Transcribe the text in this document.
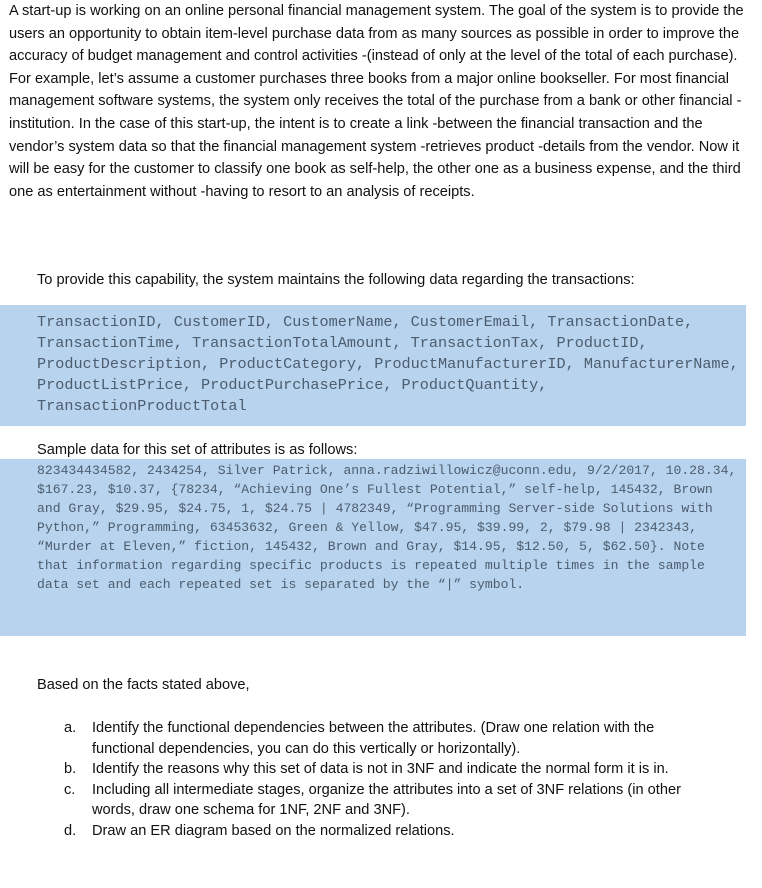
A start-up is working on an online personal financial management system. The goal of the system is to provide the users an opportunity to obtain item-level purchase data from as many sources as possible in order to improve the accuracy of budget management and control activities -(instead of only at the level of the total of each purchase). For example, let’s assume a customer purchases three books from a major online bookseller. For most financial management software systems, the system only receives the total of the purchase from a bank or other financial -institution. In the case of this start-up, the intent is to create a link -between the financial transaction and the vendor’s system data so that the financial management system -retrieves product -details from the vendor. Now it will be easy for the customer to classify one book as self-help, the other one as a business expense, and the third one as entertainment without -having to resort to an analysis of receipts.

To provide this capability, the system maintains the following data regarding the transactions:

TransactionID, CustomerID, CustomerName, CustomerEmail, TransactionDate, TransactionTime, TransactionTotalAmount, TransactionTax, ProductID, ProductDescription, ProductCategory, ProductManufacturerID, ManufacturerName, ProductListPrice, ProductPurchasePrice, ProductQuantity, TransactionProductTotal

Sample data for this set of attributes is as follows:

823434434582, 2434254, Silver Patrick, anna.radziwillowicz@uconn.edu, 9/2/2017, 10.28.34, $167.23, $10.37, {78234, “Achieving One’s Fullest Potential,” self-help, 145432, Brown and Gray, $29.95, $24.75, 1, $24.75 | 4782349, “Programming Server-side Solutions with Python,” Programming, 63453632, Green & Yellow, $47.95, $39.99, 2, $79.98 | 2342343, “Murder at Eleven,” fiction, 145432, Brown and Gray, $14.95, $12.50, 5, $62.50}. Note that information regarding specific products is repeated multiple times in the sample data set and each repeated set is separated by the “|” symbol.

Based on the facts stated above,

a. Identify the functional dependencies between the attributes. (Draw one relation with the functional dependencies, you can do this vertically or horizontally).
b. Identify the reasons why this set of data is not in 3NF and indicate the normal form it is in.
c. Including all intermediate stages, organize the attributes into a set of 3NF relations (in other words, draw one schema for 1NF, 2NF and 3NF).
d. Draw an ER diagram based on the normalized relations.
